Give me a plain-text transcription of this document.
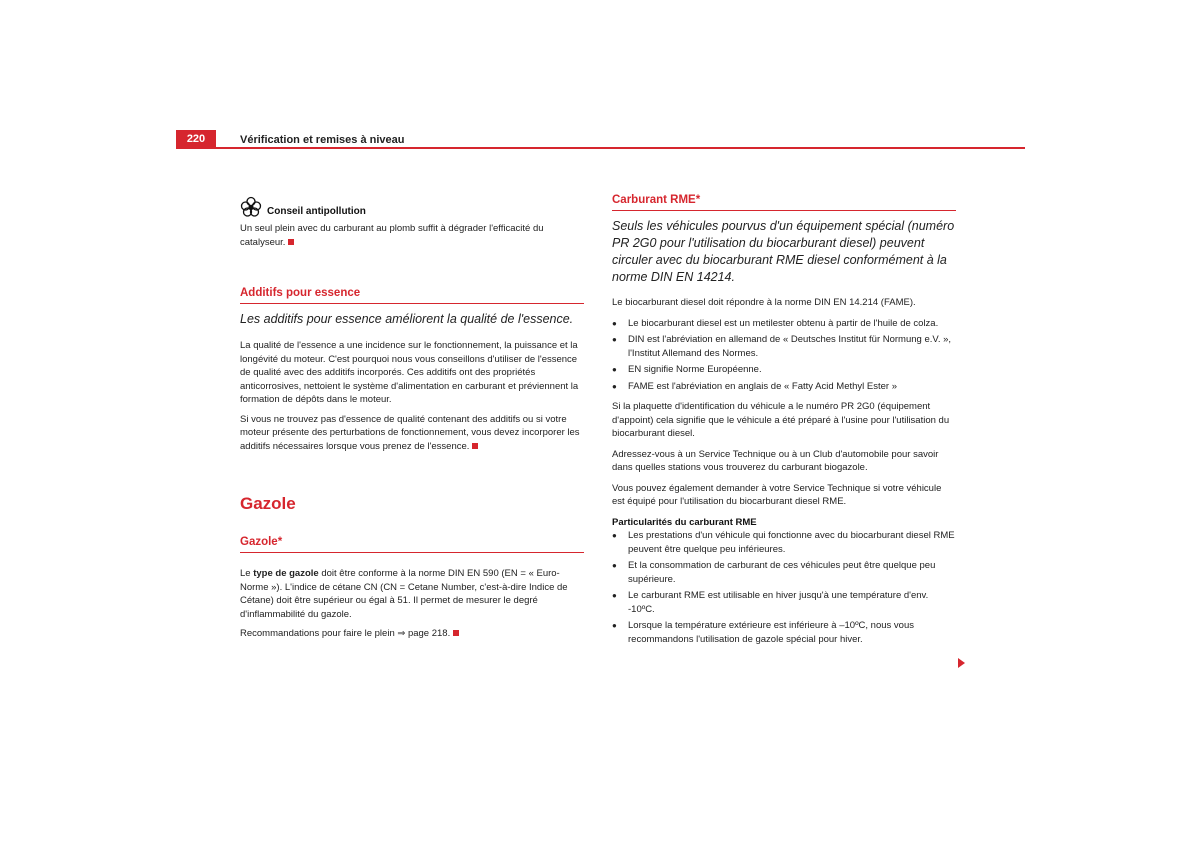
220	Vérification et remises à niveau
Conseil antipollution

Un seul plein avec du carburant au plomb suffit à dégrader l'efficacité du catalyseur.

Additifs pour essence
Les additifs pour essence améliorent la qualité de l'essence.

La qualité de l'essence a une incidence sur le fonctionnement, la puissance et la longévité du moteur. C'est pourquoi nous vous conseillons d'utiliser de l'essence de qualité avec des additifs incorporés. Ces additifs ont des propriétés anticorrosives, nettoient le système d'alimentation en carburant et préviennent la formation de dépôts dans le moteur.

Si vous ne trouvez pas d'essence de qualité contenant des additifs ou si votre moteur présente des perturbations de fonctionnement, vous devez incorporer les additifs nécessaires lorsque vous prenez de l'essence.

Gazole
Gazole*

Le type de gazole doit être conforme à la norme DIN EN 590 (EN = « Euro-Norme »). L'indice de cétane CN (CN = Cetane Number, c'est-à-dire Indice de Cétane) doit être supérieur ou égal à 51. Il permet de mesurer le degré d'inflammabilité du gazole.

Recommandations pour faire le plein ⇒ page 218.

Carburant RME*
Seuls les véhicules pourvus d'un équipement spécial (numéro PR 2G0 pour l'utilisation du biocarburant diesel) peuvent circuler avec du biocarburant RME diesel conformément à la norme DIN EN 14214.

Le biocarburant diesel doit répondre à la norme DIN EN 14.214 (FAME).

● Le biocarburant diesel est un metilester obtenu à partir de l'huile de colza.

● DIN est l'abréviation en allemand de « Deutsches Institut für Normung e.V. », l'Institut Allemand des Normes.

● EN signifie Norme Européenne.

● FAME est l'abréviation en anglais de « Fatty Acid Methyl Ester »

Si la plaquette d'identification du véhicule a le numéro PR 2G0 (équipement d'appoint) cela signifie que le véhicule a été préparé à l'usine pour l'utilisation du biocarburant diesel.

Adressez-vous à un Service Technique ou à un Club d'automobile pour savoir dans quelles stations vous trouverez du carburant biogazole.

Vous pouvez également demander à votre Service Technique si votre véhicule est équipé pour l'utilisation du biocarburant diesel RME.

Particularités du carburant RME

● Les prestations d'un véhicule qui fonctionne avec du biocarburant diesel RME peuvent être quelque peu inférieures.

● Et la consommation de carburant de ces véhicules peut être quelque peu supérieure.

● Le carburant RME est utilisable en hiver jusqu'à une température d'env. -10ºC.

● Lorsque la température extérieure est inférieure à –10ºC, nous vous recommandons l'utilisation de gazole spécial pour hiver.
